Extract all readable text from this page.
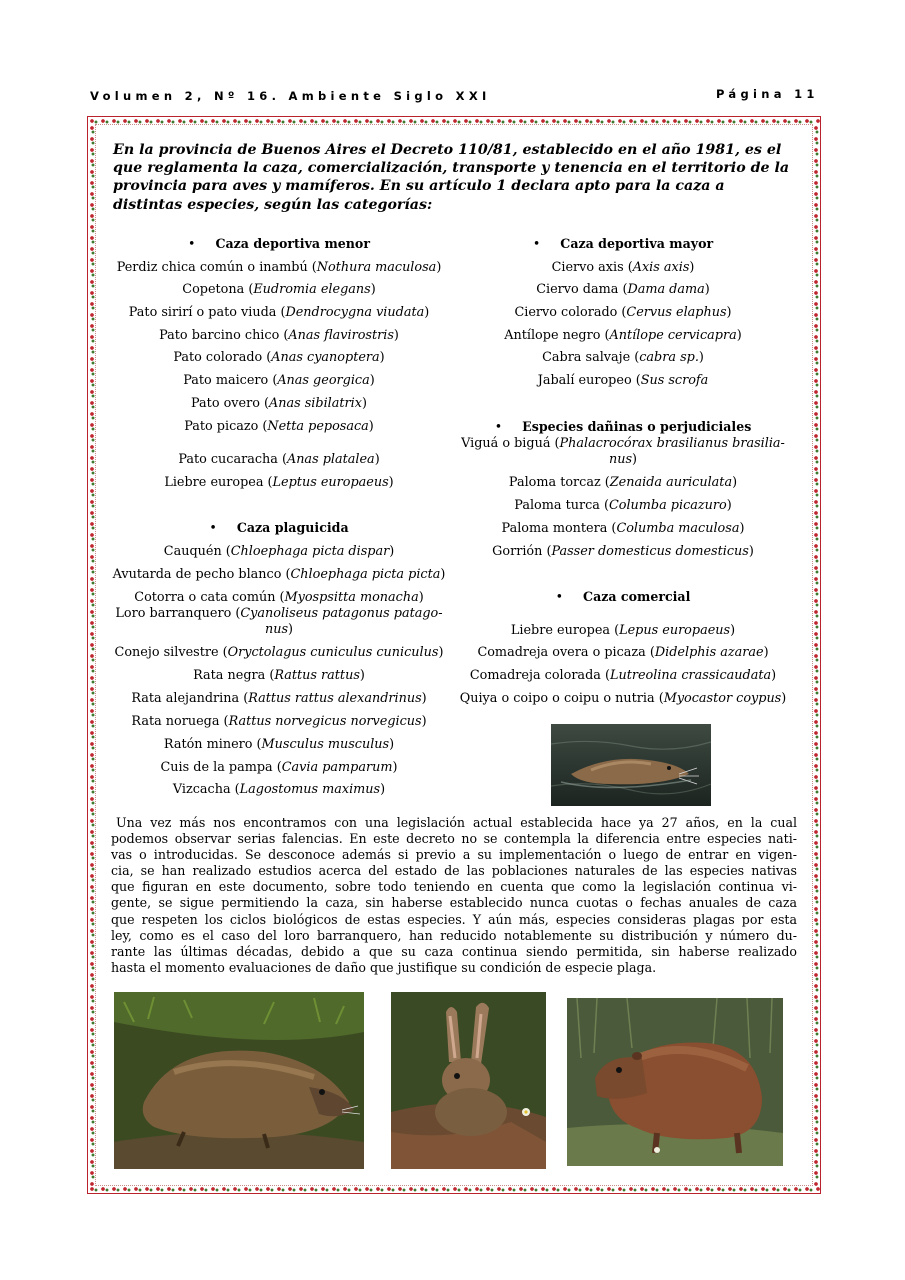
Volumen 2, Nº 16. Ambiente Siglo XXI	Página 11
En la provincia de Buenos Aires el Decreto 110/81, establecido en el año 1981, es el que reglamenta la caza, comercialización, transporte y tenencia en el territorio de la provincia para aves y mamíferos. En su artículo 1 declara apto para la caza a distintas especies, según las categorías:
• Caza deportiva menor
Perdiz chica común o inambú (Nothura maculosa)
Copetona (Eudromia elegans)
Pato sirirí o pato viuda (Dendrocygna viudata)
Pato barcino chico (Anas flavirostris)
Pato colorado (Anas cyanoptera)
Pato maicero (Anas georgica)
Pato overo (Anas sibilatrix)
Pato picazo (Netta peposaca)
Pato cucaracha (Anas platalea)
Liebre europea (Leptus europaeus)
• Caza plaguicida
Cauquén (Chloephaga picta dispar)
Avutarda de pecho blanco (Chloephaga picta picta)
Cotorra o cata común (Myospsitta monacha)
Loro barranquero (Cyanoliseus patagonus patago-nus)
Conejo silvestre (Oryctolagus cuniculus cuniculus)
Rata negra (Rattus rattus)
Rata alejandrina (Rattus rattus alexandrinus)
Rata noruega (Rattus norvegicus norvegicus)
Ratón minero (Musculus musculus)
Cuis de la pampa (Cavia pamparum)
Vizcacha (Lagostomus maximus)
• Caza deportiva mayor
Ciervo axis (Axis axis)
Ciervo dama (Dama dama)
Ciervo colorado (Cervus elaphus)
Antílope negro (Antílope cervicapra)
Cabra salvaje (cabra sp.)
Jabalí europeo (Sus scrofa
• Especies dañinas o perjudiciales
Viguá o biguá (Phalacrocórax brasilianus brasilia-nus)
Paloma torcaz (Zenaida auriculata)
Paloma turca (Columba picazuro)
Paloma montera (Columba maculosa)
Gorrión (Passer domesticus domesticus)
• Caza comercial
Liebre europea (Lepus europaeus)
Comadreja overa o picaza (Didelphis azarae)
Comadreja colorada (Lutreolina crassicaudata)
Quiya o coipo o coipu o nutria (Myocastor coypus)
Una vez más nos encontramos con una legislación actual establecida hace ya 27 años, en la cual
podemos observar serias falencias. En este decreto no se contempla la diferencia entre especies nati-
vas o introducidas. Se desconoce además si previo a su implementación o luego de entrar en vigen-
cia, se han realizado estudios acerca del estado de las poblaciones naturales de las especies nativas
que figuran en este documento, sobre todo teniendo en cuenta que como la legislación continua vi-
gente, se sigue permitiendo la caza, sin haberse establecido nunca cuotas o fechas anuales de caza
que respeten los ciclos biológicos de estas especies. Y aún más, especies consideras plagas por esta
ley, como es el caso del loro barranquero, han reducido notablemente su distribución y número du-
rante las últimas décadas, debido a que su caza continua siendo permitida, sin haberse realizado
hasta el momento evaluaciones de daño que justifique su condición de especie plaga.
